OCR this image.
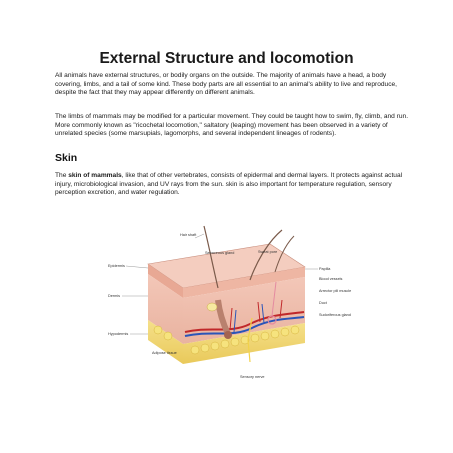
External Structure and locomotion
All animals have external structures, or bodily organs on the outside. The majority of animals have a head, a body covering, limbs, and a tail of some kind. These body parts are all essential to an animal's ability to live and reproduce, despite the fact that they may appear differently on different animals.
The limbs of mammals may be modified for a particular movement. They could be taught how to swim, fly, climb, and run. More commonly known as "ricochetal locomotion," saltatory (leaping) movement has been observed in a variety of unrelated species (some marsupials, lagomorphs, and several independent lineages of rodents).
Skin
The skin of mammals, like that of other vertebrates, consists of epidermal and dermal layers. It protects against actual injury, microbiological invasion, and UV rays from the sun. skin is also important for temperature regulation, sensory perception excretion, and water regulation.
Hair shaft
Sebaceous gland	Sweat pore
Epidermis
Dermis
Hypodermis
Adipose tissue
Sensory nerve
Papilla
Blood vessels
Arrector pili muscle
Duct
Sudoriferous gland
